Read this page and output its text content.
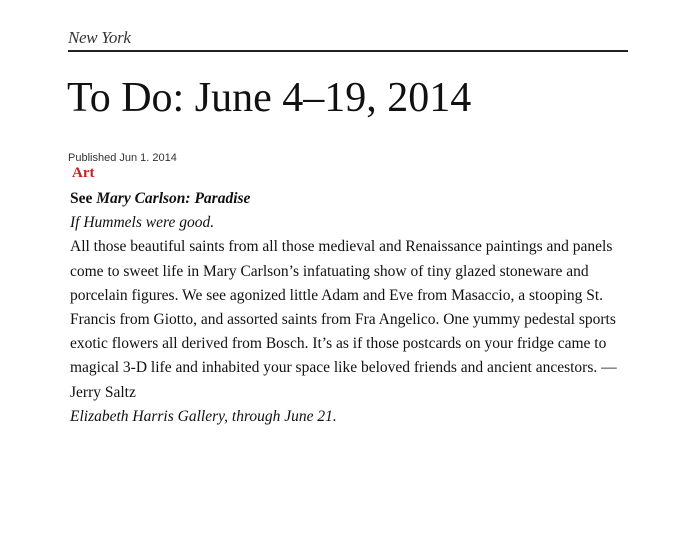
New York
To Do: June 4–19, 2014
Published Jun 1. 2014
Art

See Mary Carlson: Paradise

If Hummels were good.

All those beautiful saints from all those medieval and Renaissance paintings and panels come to sweet life in Mary Carlson’s infatuating show of tiny glazed stoneware and porcelain figures. We see agonized little Adam and Eve from Masaccio, a stooping St. Francis from Giotto, and assorted saints from Fra Angelico. One yummy pedestal sports exotic flowers all derived from Bosch. It’s as if those postcards on your fridge came to magical 3-D life and inhabited your space like beloved friends and ancient ancestors. —Jerry Saltz

Elizabeth Harris Gallery, through June 21.
